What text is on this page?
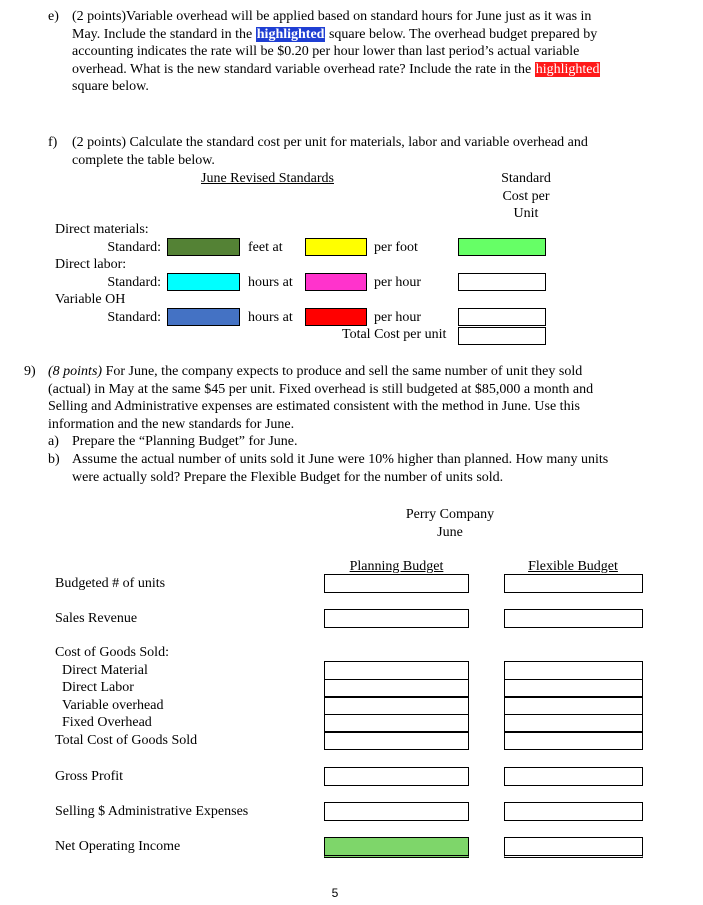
e) (2 points)Variable overhead will be applied based on standard hours for June just as it was in
May. Include the standard in the highlighted square below. The overhead budget prepared by
accounting indicates the rate will be $0.20 per hour lower than last period’s actual variable
overhead. What is the new standard variable overhead rate? Include the rate in the highlighted
square below.
f) (2 points) Calculate the standard cost per unit for materials, labor and variable overhead and
complete the table below.
June Revised Standards	Standard
Cost per
Unit
Direct materials:
Standard:	feet at	per foot
Direct labor:
Standard:	hours at	per hour
Variable OH
Standard:	hours at	per hour
Total Cost per unit
9) (8 points) For June, the company expects to produce and sell the same number of unit they sold
(actual) in May at the same $45 per unit. Fixed overhead is still budgeted at $85,000 a month and
Selling and Administrative expenses are estimated consistent with the method in June. Use this
information and the new standards for June.
a) Prepare the “Planning Budget” for June.
b) Assume the actual number of units sold it June were 10% higher than planned. How many units
were actually sold? Prepare the Flexible Budget for the number of units sold.
Perry Company
June
Planning Budget	Flexible Budget
Budgeted # of units
Sales Revenue
Cost of Goods Sold:
Direct Material
Direct Labor
Variable overhead
Fixed Overhead
Total Cost of Goods Sold
Gross Profit
Selling $ Administrative Expenses
Net Operating Income
5
